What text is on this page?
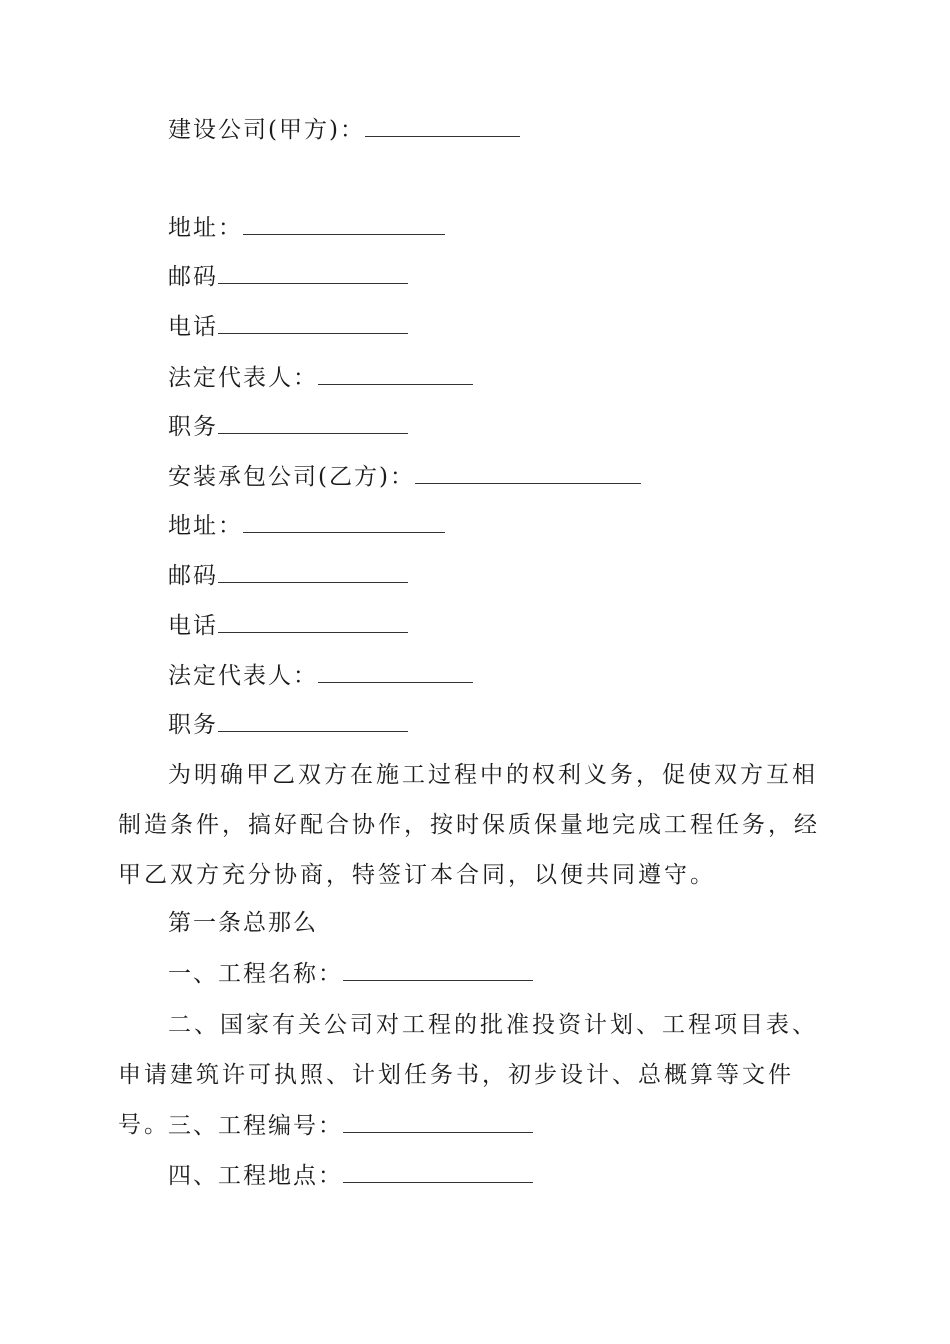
建设公司(甲方)：
地址：
邮码
电话
法定代表人：
职务
安装承包公司(乙方)：
地址：
邮码
电话
法定代表人：
职务
为明确甲乙双方在施工过程中的权利义务，促使双方互相制造条件，搞好配合协作，按时保质保量地完成工程任务，经甲乙双方充分协商，特签订本合同，以便共同遵守。
第一条总那么
一、工程名称：
二、国家有关公司对工程的批准投资计划、工程项目表、申请建筑许可执照、计划任务书，初步设计、总概算等文件号。
三、工程编号：
四、工程地点：
